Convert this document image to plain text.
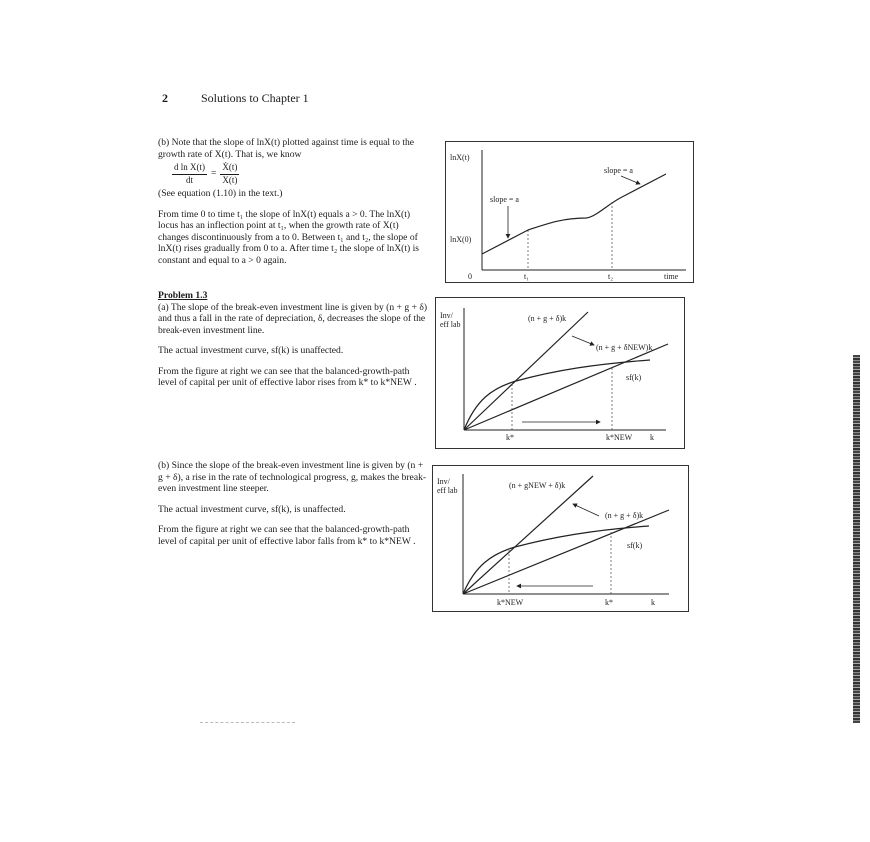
2	Solutions to Chapter 1

(b) Note that the slope of lnX(t) plotted against time is equal to the growth rate of X(t). That is, we know

$\frac{\text{d ln X(t)}}{dt} = \frac{\text{Ẋ(t)}}{X(t)}$

(See equation (1.10) in the text.)

From time 0 to time t₁ the slope of lnX(t) equals a > 0. The lnX(t) locus has an inflection point at t₁, when the growth rate of X(t) changes discontinuously from a to 0. Between t₁ and t₂, the slope of lnX(t) rises gradually from 0 to a. After time t₂ the slope of lnX(t) is constant and equal to a > 0 again.

Problem 1.3

(a) The slope of the break-even investment line is given by (n + g + δ) and thus a fall in the rate of depreciation, δ, decreases the slope of the break-even investment line.

The actual investment curve, sf(k) is unaffected.

From the figure at right we can see that the balanced-growth-path level of capital per unit of effective labor rises from k* to k*NEW .

(b) Since the slope of the break-even investment line is given by (n + g + δ), a rise in the rate of technological progress, g, makes the break-even investment line steeper.

The actual investment curve, sf(k), is unaffected.

From the figure at right we can see that the balanced-growth-path level of capital per unit of effective labor falls from k* to k*NEW .

lnX(t)
lnX(0)
slope = a
slope = a
0	t₁	t₂	time
Inv/
eff lab
(n + g + δ)k
(n + g + δNEW)k
sf(k)
k*	k*NEW k
Inv/
eff lab
(n + gNEW + δ)k
(n + g + δ)k
sf(k)
k*NEW	k*	k
